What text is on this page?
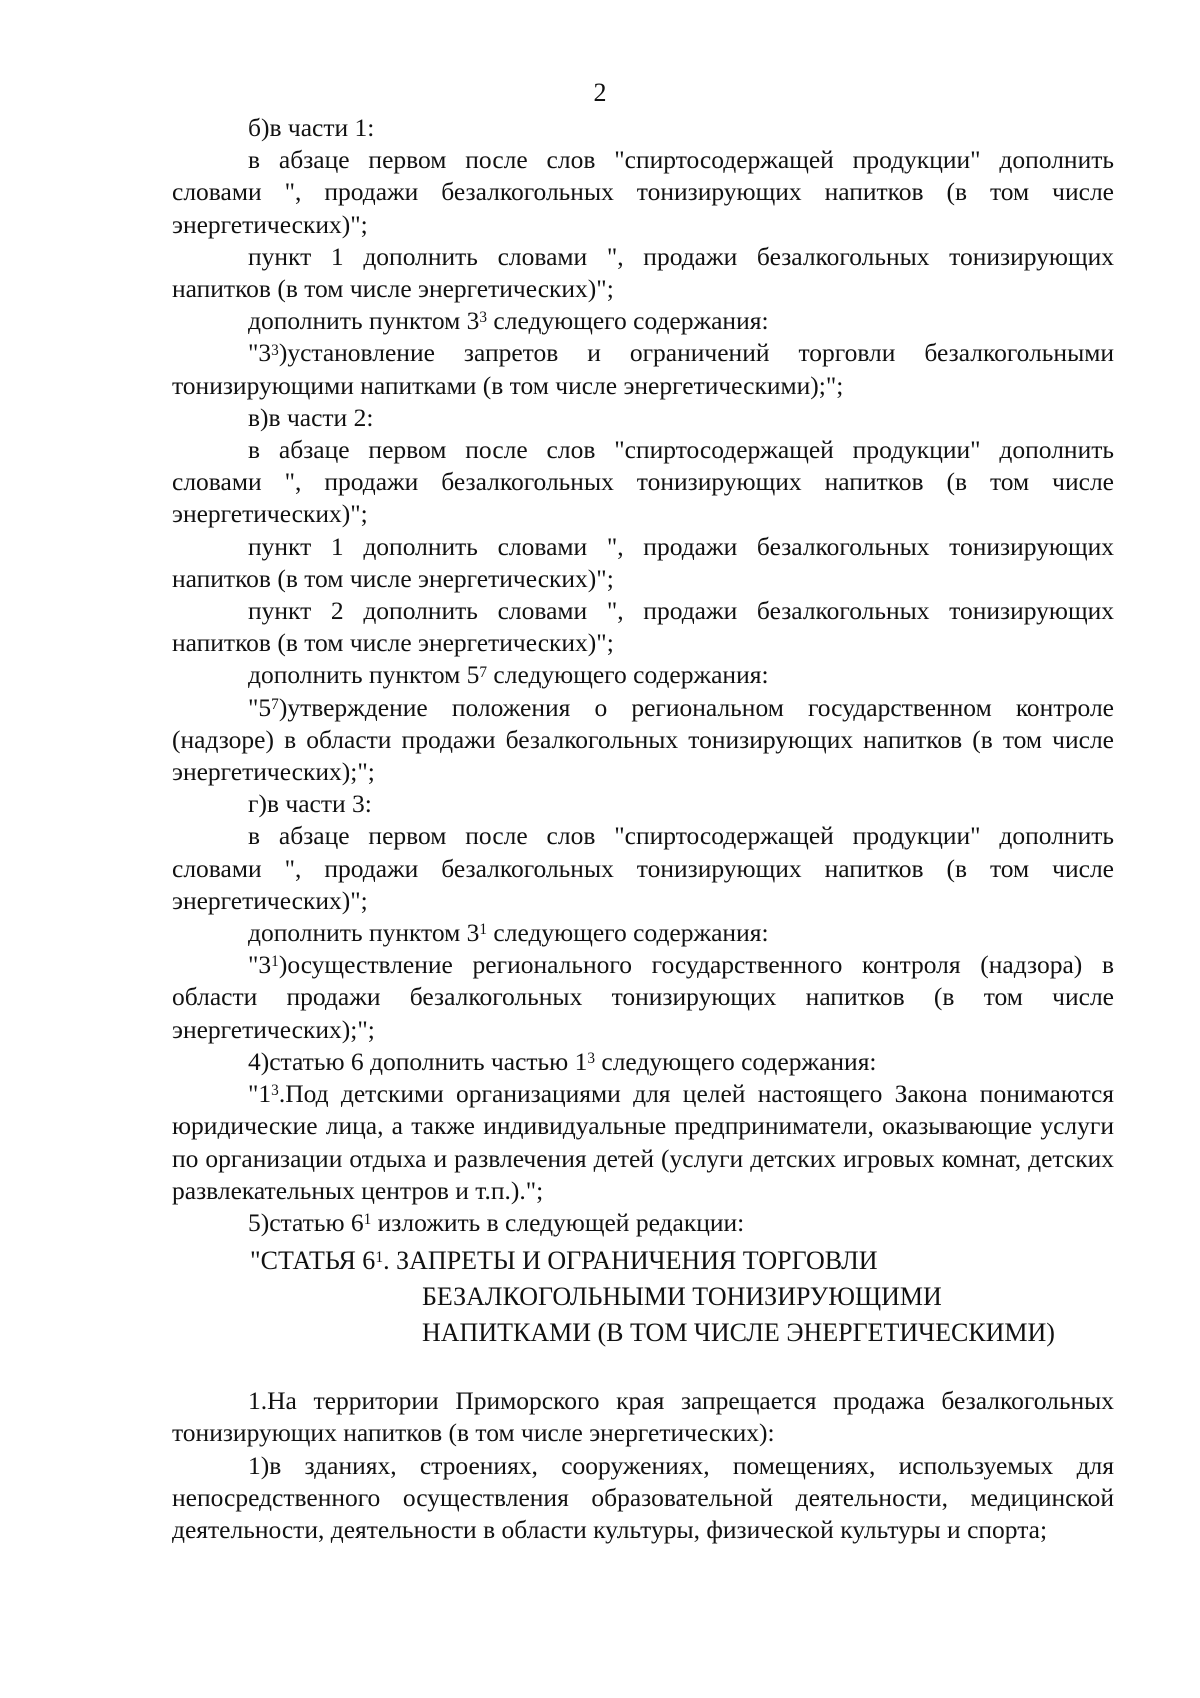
2

б)в части 1:

в абзаце первом после слов "спиртосодержащей продукции" дополнить словами ", продажи безалкогольных тонизирующих напитков (в том числе энергетических)";

пункт 1 дополнить словами ", продажи безалкогольных тонизирующих напитков (в том числе энергетических)";

дополнить пунктом $3^3$ следующего содержания:

"$3^3)установление$ запретов и ограничений торговли безалкогольными тонизирующими напитками (в том числе энергетическими);";

в)в части 2:

в абзаце первом после слов "спиртосодержащей продукции" дополнить словами ", продажи безалкогольных тонизирующих напитков (в том числе энергетических)";

пункт 1 дополнить словами ", продажи безалкогольных тонизирующих напитков (в том числе энергетических)";

пункт 2 дополнить словами ", продажи безалкогольных тонизирующих напитков (в том числе энергетических)";

дополнить пунктом $5^7$ следующего содержания:

"$5^7)утверждение$ положения о региональном государственном контроле (надзоре) в области продажи безалкогольных тонизирующих напитков (в том числе энергетических);";

г)в части 3:

в абзаце первом после слов "спиртосодержащей продукции" дополнить словами ", продажи безалкогольных тонизирующих напитков (в том числе энергетических)";

дополнить пунктом $3^1$ следующего содержания:

"$3^1)осуществление$ регионального государственного контроля (надзора) в области продажи безалкогольных тонизирующих напитков (в том числе энергетических);";

4)статью 6 дополнить частью $1^3$ следующего содержания:

"$1^3.Под$ детскими организациями для целей настоящего Закона понимаются юридические лица, а также индивидуальные предприниматели, оказывающие услуги по организации отдыха и развлечения детей (услуги детских игровых комнат, детских развлекательных центров и т.п.).";

5)статью $6^1$ изложить в следующей редакции:

"СТАТЬЯ $6^1$. ЗАПРЕТЫ И ОГРАНИЧЕНИЯ ТОРГОВЛИ
БЕЗАЛКОГОЛЬНЫМИ ТОНИЗИРУЮЩИМИ
НАПИТКАМИ (В ТОМ ЧИСЛЕ ЭНЕРГЕТИЧЕСКИМИ)

1.На территории Приморского края запрещается продажа безалкогольных тонизирующих напитков (в том числе энергетических):

1)в зданиях, строениях, сооружениях, помещениях, используемых для непосредственного осуществления образовательной деятельности, медицинской деятельности, деятельности в области культуры, физической культуры и спорта;
